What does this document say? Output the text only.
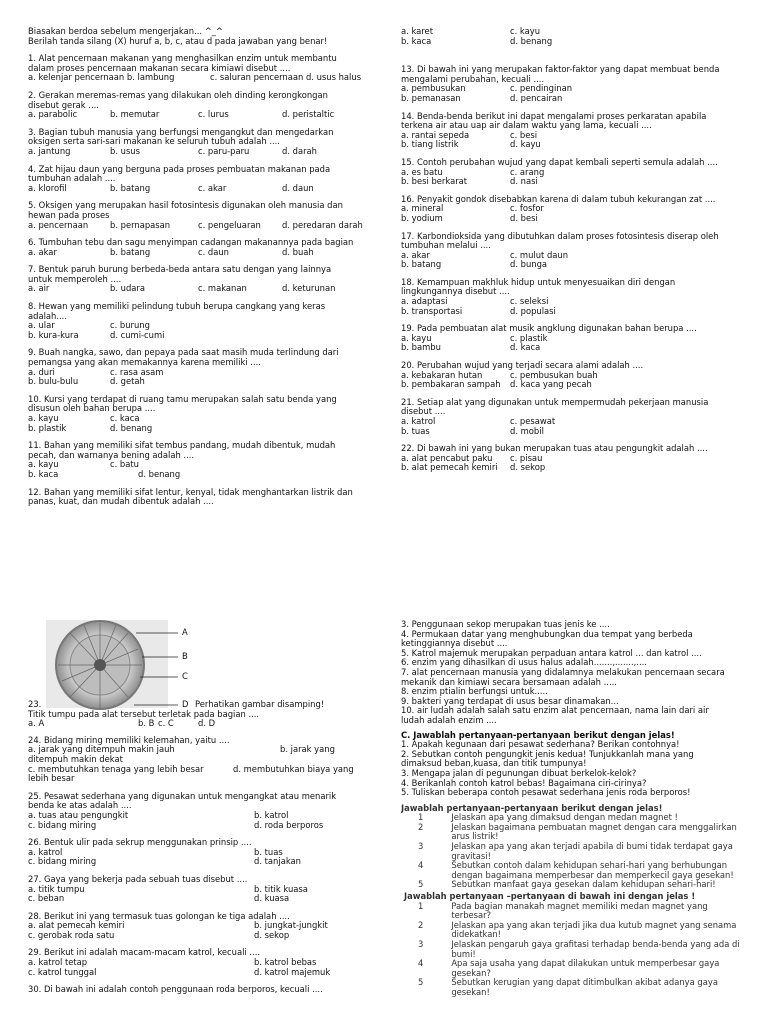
Biasakan berdoa sebelum mengerjakan... ^_^
Berilah tanda silang (X) huruf a, b, c, atau d pada jawaban yang benar!
1. Alat pencernaan makanan yang menghasilkan enzim untuk membantu
dalam proses pencernaan makanan secara kimiawi disebut ....
a. kelenjar pencernaan b. lambung	c. saluran pencernaan d. usus halus
2. Gerakan meremas-remas yang dilakukan oleh dinding kerongkongan
disebut gerak ....
a. parabolic	b. memutar	c. lurus	d. peristaltic
3. Bagian tubuh manusia yang berfungsi mengangkut dan mengedarkan
oksigen serta sari-sari makanan ke seluruh tubuh adalah ....
a. jantung	b. usus	c. paru-paru	d. darah
4. Zat hijau daun yang berguna pada proses pembuatan makanan pada
tumbuhan adalah ....
a. klorofil	b. batang	c. akar	d. daun
5. Oksigen yang merupakan hasil fotosintesis digunakan oleh manusia dan
hewan pada proses
a. pencernaan	b. pernapasan	c. pengeluaran	d. peredaran darah
6. Tumbuhan tebu dan sagu menyimpan cadangan makanannya pada bagian
a. akar	b. batang	c. daun	d. buah
7. Bentuk paruh burung berbeda-beda antara satu dengan yang lainnya
untuk memperoleh ....
a. air	b. udara	c. makanan	d. keturunan
8. Hewan yang memiliki pelindung tubuh berupa cangkang yang keras
adalah....
a. ular	c. burung
b. kura-kura	d. cumi-cumi
9. Buah nangka, sawo, dan pepaya pada saat masih muda terlindung dari
pemangsa yang akan memakannya karena memiliki ....
a. duri	c. rasa asam
b. bulu-bulu	d. getah
10. Kursi yang terdapat di ruang tamu merupakan salah satu benda yang
disusun oleh bahan berupa ....
a. kayu	c. kaca
b. plastik	d. benang
11. Bahan yang memiliki sifat tembus pandang, mudah dibentuk, mudah
pecah, dan warnanya bening adalah ....
a. kayu	c. batu
b. kaca	d. benang
12. Bahan yang memiliki sifat lentur, kenyal, tidak menghantarkan listrik dan
panas, kuat, dan mudah dibentuk adalah ....
a. karet	c. kayu
b. kaca	d. benang
13. Di bawah ini yang merupakan faktor-faktor yang dapat membuat benda
mengalami perubahan, kecuali ....
a. pembusukan	c. pendinginan
b. pemanasan	d. pencairan
14. Benda-benda berikut ini dapat mengalami proses perkaratan apabila
terkena air atau uap air dalam waktu yang lama, kecuali ....
a. rantai sepeda	c. besi
b. tiang listrik	d. kayu
15. Contoh perubahan wujud yang dapat kembali seperti semula adalah ....
a. es batu	c. arang
b. besi berkarat	d. nasi
16. Penyakit gondok disebabkan karena di dalam tubuh kekurangan zat ....
a. mineral	c. fosfor
b. yodium	d. besi
17. Karbondioksida yang dibutuhkan dalam proses fotosintesis diserap oleh
tumbuhan melalui ....
a. akar	c. mulut daun
b. batang	d. bunga
18. Kemampuan makhluk hidup untuk menyesuaikan diri dengan
lingkungannya disebut ....
a. adaptasi	c. seleksi
b. transportasi	d. populasi
19. Pada pembuatan alat musik angklung digunakan bahan berupa ....
a. kayu	c. plastik
b. bambu	d. kaca
20. Perubahan wujud yang terjadi secara alami adalah ....
a. kebakaran hutan	c. pembusukan buah
b. pembakaran sampah	d. kaca yang pecah
21. Setiap alat yang digunakan untuk mempermudah pekerjaan manusia
disebut ....
a. katrol	c. pesawat
b. tuas	d. mobil
22. Di bawah ini yang bukan merupakan tuas atau pengungkit adalah ....
a. alat pencabut paku	c. pisau
b. alat pemecah kemiri	d. sekop
A
B
C
D
23.	Perhatikan gambar disamping!
Titik tumpu pada alat tersebut terletak pada bagian ....
a. A	b. B c. C	d. D
24. Bidang miring memiliki kelemahan, yaitu ....
a. jarak yang ditempuh makin jauh	b. jarak yang
ditempuh makin dekat
c. membutuhkan tenaga yang lebih besar	d. membutuhkan biaya yang
lebih besar
25. Pesawat sederhana yang digunakan untuk mengangkat atau menarik
benda ke atas adalah ....
a. tuas atau pengungkit	b. katrol
c. bidang miring	d. roda berporos
26. Bentuk ulir pada sekrup menggunakan prinsip ....
a. katrol	b. tuas
c. bidang miring	d. tanjakan
27. Gaya yang bekerja pada sebuah tuas disebut ....
a. titik tumpu	b. titik kuasa
c. beban	d. kuasa
28. Berikut ini yang termasuk tuas golongan ke tiga adalah ....
a. alat pemecah kemiri	b. jungkat-jungkit
c. gerobak roda satu	d. sekop
29. Berikut ini adalah macam-macam katrol, kecuali ....
a. katrol tetap	b. katrol bebas
c. katrol tunggal	d. katrol majemuk
30. Di bawah ini adalah contoh penggunaan roda berporos, kecuali ....
3. Penggunaan sekop merupakan tuas jenis ke ....
4. Permukaan datar yang menghubungkan dua tempat yang berbeda
ketinggiannya disebut ....
5. Katrol majemuk merupakan perpaduan antara katrol ... dan katrol ....
6. enzim yang dihasilkan di usus halus adalah.......,.......,....
7. alat pencernaan manusia yang didalamnya melakukan pencernaan secara
mekanik dan kimiawi secara bersamaan adalah .....
8. enzim ptialin berfungsi untuk.....
9. bakteri yang terdapat di usus besar dinamakan...
10. air ludah adalah salah satu enzim alat pencernaan, nama lain dari air
ludah adalah enzim ....
C. Jawablah pertanyaan-pertanyaan berikut dengan jelas!
1. Apakah kegunaan dari pesawat sederhana? Berikan contohnya!
2. Sebutkan contoh pengungkit jenis kedua! Tunjukkanlah mana yang
dimaksud beban,kuasa, dan titik tumpunya!
3. Mengapa jalan di pegunungan dibuat berkelok-kelok?
4. Berikanlah contoh katrol bebas! Bagaimana ciri-cirinya?
5. Tuliskan beberapa contoh pesawat sederhana jenis roda berporos!
Jawablah pertanyaan-pertanyaan berikut dengan jelas!
1	Jelaskan apa yang dimaksud dengan medan magnet !
2	Jelaskan bagaimana pembuatan magnet dengan cara menggalirkan arus listrik!
3	Jelaskan apa yang akan terjadi apabila di bumi tidak terdapat gaya gravitasi!
4	Sebutkan contoh dalam kehidupan sehari-hari yang berhubungan dengan bagaimana memperbesar dan memperkecil gaya gesekan!
5	Sebutkan manfaat gaya gesekan dalam kehidupan sehari-hari!
Jawablah pertanyaan –pertanyaan di bawah ini dengan jelas !
1	Pada bagian manakah magnet memiliki medan magnet yang terbesar?
2	Jelaskan apa yang akan terjadi jika dua kutub magnet yang senama didekatkan!
3	Jelaskan pengaruh gaya grafitasi terhadap benda-benda yang ada di bumi!
4	Apa saja usaha yang dapat dilakukan untuk memperbesar gaya gesekan?
5	Sebutkan kerugian yang dapat ditimbulkan akibat adanya gaya gesekan!
